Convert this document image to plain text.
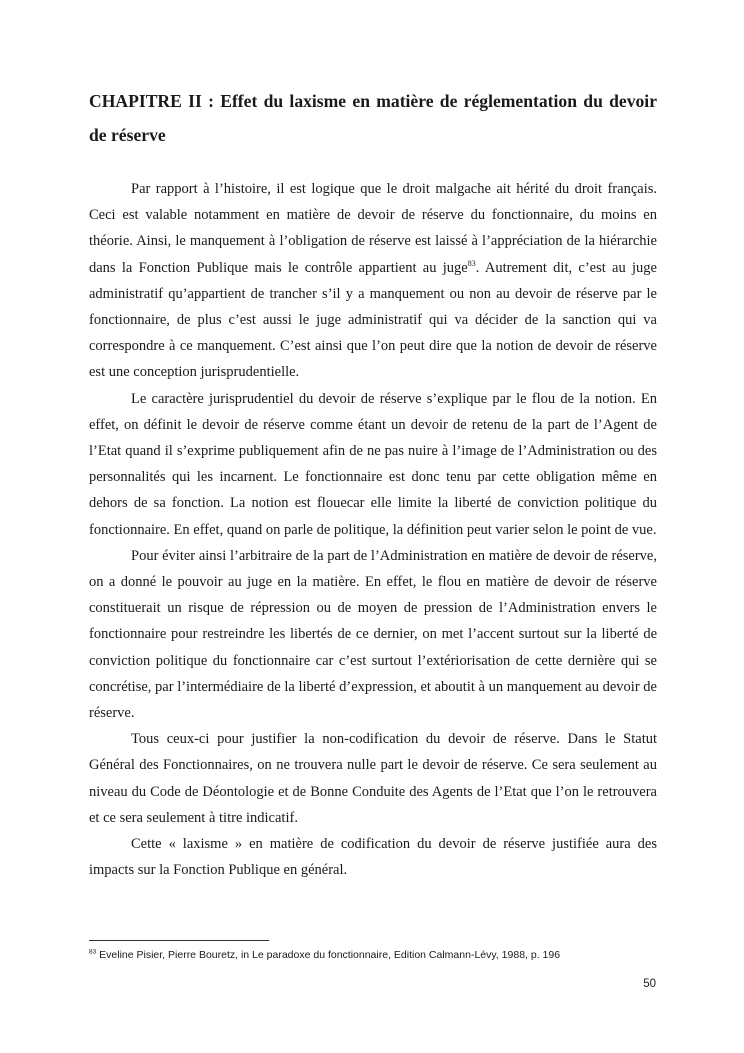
CHAPITRE II : Effet du laxisme en matière de réglementation du devoir de réserve

Par rapport à l’histoire, il est logique que le droit malgache ait hérité du droit français. Ceci est valable notamment en matière de devoir de réserve du fonctionnaire, du moins en théorie. Ainsi, le manquement à l’obligation de réserve est laissé à l’appréciation de la hiérarchie dans la Fonction Publique mais le contrôle appartient au juge$^{83}$. Autrement dit, c’est au juge administratif qu’appartient de trancher s’il y a manquement ou non au devoir de réserve par le fonctionnaire, de plus c’est aussi le juge administratif qui va décider de la sanction qui va correspondre à ce manquement. C’est ainsi que l’on peut dire que la notion de devoir de réserve est une conception jurisprudentielle.

Le caractère jurisprudentiel du devoir de réserve s’explique par le flou de la notion. En effet, on définit le devoir de réserve comme étant un devoir de retenu de la part de l’Agent de l’Etat quand il s’exprime publiquement afin de ne pas nuire à l’image de l’Administration ou des personnalités qui les incarnent. Le fonctionnaire est donc tenu par cette obligation même en dehors de sa fonction. La notion est flouecar elle limite la liberté de conviction politique du fonctionnaire. En effet, quand on parle de politique, la définition peut varier selon le point de vue.

Pour éviter ainsi l’arbitraire de la part de l’Administration en matière de devoir de réserve, on a donné le pouvoir au juge en la matière. En effet, le flou en matière de devoir de réserve constituerait un risque de répression ou de moyen de pression de l’Administration envers le fonctionnaire pour restreindre les libertés de ce dernier, on met l’accent surtout sur la liberté de conviction politique du fonctionnaire car c’est surtout l’extériorisation de cette dernière qui se concrétise, par l’intermédiaire de la liberté d’expression, et aboutit à un manquement au devoir de réserve.

Tous ceux-ci pour justifier la non-codification du devoir de réserve. Dans le Statut Général des Fonctionnaires, on ne trouvera nulle part le devoir de réserve. Ce sera seulement au niveau du Code de Déontologie et de Bonne Conduite des Agents de l’Etat que l’on le retrouvera et ce sera seulement à titre indicatif.

Cette « laxisme » en matière de codification du devoir de réserve justifiée aura des impacts sur la Fonction Publique en général.

$^{83}$ Eveline Pisier, Pierre Bouretz, in Le paradoxe du fonctionnaire, Edition Calmann-Lévy, 1988, p. 196
50
